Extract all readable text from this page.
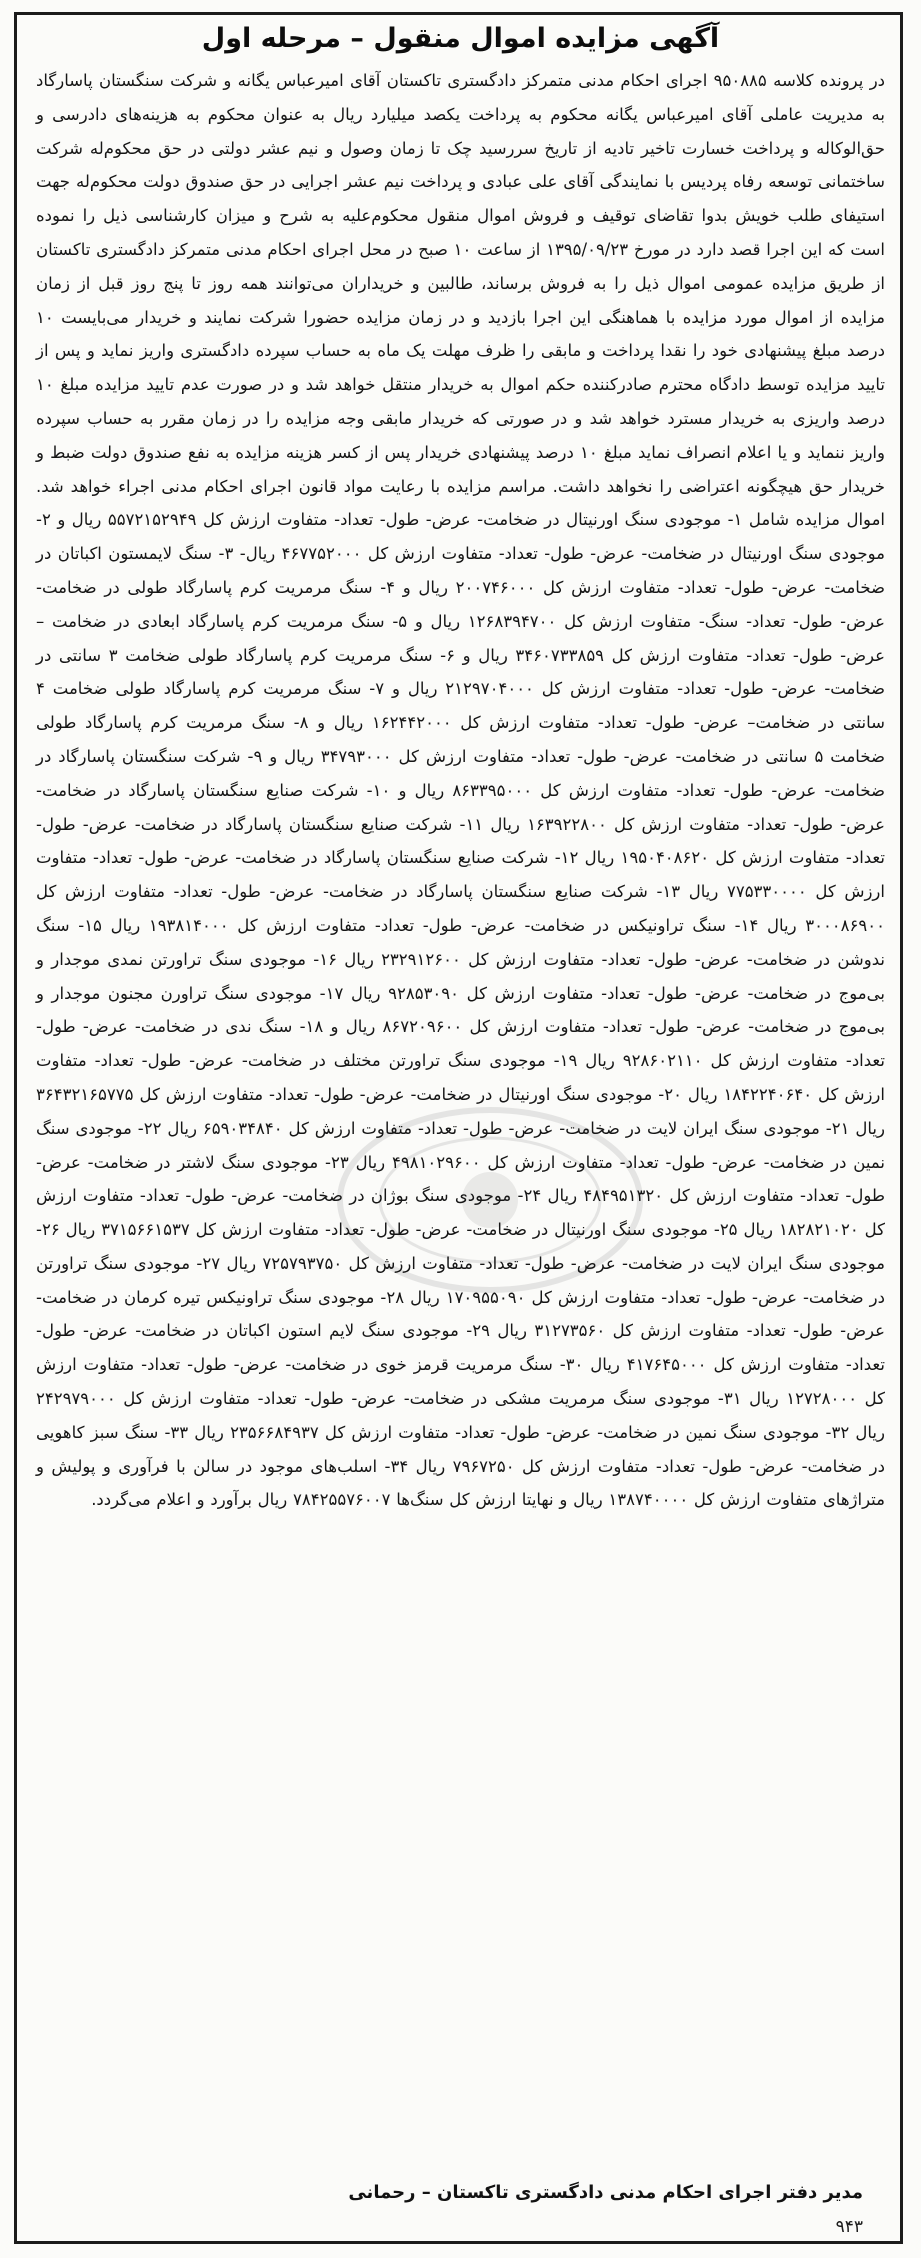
آگهی مزایده اموال منقول – مرحله اول

در پرونده کلاسه ۹۵۰۸۸۵ اجرای احکام مدنی متمرکز دادگستری تاکستان آقای امیرعباس یگانه و شرکت سنگستان پاسارگاد به مدیریت عاملی آقای امیرعباس یگانه محکوم به پرداخت یکصد میلیارد ریال به عنوان محکوم به هزینه‌های دادرسی و حق‌الوکاله و پرداخت خسارت تاخیر تادیه از تاریخ سررسید چک تا زمان وصول و نیم عشر دولتی در حق محکوم‌له شرکت ساختمانی توسعه رفاه پردیس با نمایندگی آقای علی عبادی و پرداخت نیم عشر اجرایی در حق صندوق دولت محکوم‌له جهت استیفای طلب خویش بدوا تقاضای توقیف و فروش اموال منقول محکوم‌علیه به شرح و میزان کارشناسی ذیل را نموده است که این اجرا قصد دارد در مورخ ۱۳۹۵/۰۹/۲۳ از ساعت ۱۰ صبح در محل اجرای احکام مدنی متمرکز دادگستری تاکستان از طریق مزایده عمومی اموال ذیل را به فروش برساند، طالبین و خریداران می‌توانند همه روز تا پنج روز قبل از زمان مزایده از اموال مورد مزایده با هماهنگی این اجرا بازدید و در زمان مزایده حضورا شرکت نمایند و خریدار می‌بایست ۱۰ درصد مبلغ پیشنهادی خود را نقدا پرداخت و مابقی را ظرف مهلت یک ماه به حساب سپرده دادگستری واریز نماید و پس از تایید مزایده توسط دادگاه محترم صادرکننده حکم اموال به خریدار منتقل خواهد شد و در صورت عدم تایید مزایده مبلغ ۱۰ درصد واریزی به خریدار مسترد خواهد شد و در صورتی که خریدار مابقی وجه مزایده را در زمان مقرر به حساب سپرده واریز ننماید و یا اعلام انصراف نماید مبلغ ۱۰ درصد پیشنهادی خریدار پس از کسر هزینه مزایده به نفع صندوق دولت ضبط و خریدار حق هیچگونه اعتراضی را نخواهد داشت. مراسم مزایده با رعایت مواد قانون اجرای احکام مدنی اجراء خواهد شد. اموال مزایده شامل ۱- موجودی سنگ اورنیتال در ضخامت- عرض- طول- تعداد- متفاوت ارزش کل ۵۵۷۲۱۵۲۹۴۹ ریال و ۲- موجودی سنگ اورنیتال در ضخامت- عرض- طول- تعداد- متفاوت ارزش کل ۴۶۷۷۵۲۰۰۰ ریال- ۳- سنگ لایمستون اکباتان در ضخامت- عرض- طول- تعداد- متفاوت ارزش کل ۲۰۰۷۴۶۰۰۰ ریال و ۴- سنگ مرمریت کرم پاسارگاد طولی در ضخامت- عرض- طول- تعداد- سنگ- متفاوت ارزش کل ۱۲۶۸۳۹۴۷۰۰ ریال و ۵- سنگ مرمریت کرم پاسارگاد ابعادی در ضخامت – عرض- طول- تعداد- متفاوت ارزش کل ۳۴۶۰۷۳۳۸۵۹ ریال و ۶- سنگ مرمریت کرم پاسارگاد طولی ضخامت ۳ سانتی در ضخامت- عرض- طول- تعداد- متفاوت ارزش کل ۲۱۲۹۷۰۴۰۰۰ ریال و ۷- سنگ مرمریت کرم پاسارگاد طولی ضخامت ۴ سانتی در ضخامت– عرض- طول- تعداد- متفاوت ارزش کل ۱۶۲۴۴۲۰۰۰ ریال و ۸- سنگ مرمریت کرم پاسارگاد طولی ضخامت ۵ سانتی در ضخامت- عرض- طول- تعداد- متفاوت ارزش کل ۳۴۷۹۳۰۰۰ ریال و ۹- شرکت سنگستان پاسارگاد در ضخامت- عرض- طول- تعداد- متفاوت ارزش کل ۸۶۳۳۹۵۰۰۰ ریال و ۱۰- شرکت صنایع سنگستان پاسارگاد در ضخامت- عرض- طول- تعداد- متفاوت ارزش کل ۱۶۳۹۲۲۸۰۰ ریال ۱۱- شرکت صنایع سنگستان پاسارگاد در ضخامت- عرض- طول- تعداد- متفاوت ارزش کل ۱۹۵۰۴۰۸۶۲۰ ریال ۱۲- شرکت صنایع سنگستان پاسارگاد در ضخامت- عرض- طول- تعداد- متفاوت ارزش کل ۷۷۵۳۳۰۰۰۰ ریال ۱۳- شرکت صنایع سنگستان پاسارگاد در ضخامت- عرض- طول- تعداد- متفاوت ارزش کل ۳۰۰۰۸۶۹۰۰ ریال ۱۴- سنگ تراونیکس در ضخامت- عرض- طول- تعداد- متفاوت ارزش کل ۱۹۳۸۱۴۰۰۰ ریال ۱۵- سنگ ندوشن در ضخامت- عرض- طول- تعداد- متفاوت ارزش کل ۲۳۲۹۱۲۶۰۰ ریال ۱۶- موجودی سنگ تراورتن نمدی موجدار و بی‌موج در ضخامت- عرض- طول- تعداد- متفاوت ارزش کل ۹۲۸۵۳۰۹۰ ریال ۱۷- موجودی سنگ تراورن مجنون موجدار و بی‌موج در ضخامت- عرض- طول- تعداد- متفاوت ارزش کل ۸۶۷۲۰۹۶۰۰ ریال و ۱۸- سنگ ندی در ضخامت- عرض- طول- تعداد- متفاوت ارزش کل ۹۲۸۶۰۲۱۱۰ ریال ۱۹- موجودی سنگ تراورتن مختلف در ضخامت- عرض- طول- تعداد- متفاوت ارزش کل ۱۸۴۲۲۴۰۶۴۰ ریال ۲۰- موجودی سنگ اورنیتال در ضخامت- عرض- طول- تعداد- متفاوت ارزش کل ۳۶۴۳۲۱۶۵۷۷۵ ریال ۲۱- موجودی سنگ ایران لایت در ضخامت- عرض- طول- تعداد- متفاوت ارزش کل ۶۵۹۰۳۴۸۴۰ ریال ۲۲- موجودی سنگ نمین در ضخامت- عرض- طول- تعداد- متفاوت ارزش کل ۴۹۸۱۰۲۹۶۰۰ ریال ۲۳- موجودی سنگ لاشتر در ضخامت- عرض- طول- تعداد- متفاوت ارزش کل ۴۸۴۹۵۱۳۲۰ ریال ۲۴- موجودی سنگ بوژان در ضخامت- عرض- طول- تعداد- متفاوت ارزش کل ۱۸۲۸۲۱۰۲۰ ریال ۲۵- موجودی سنگ اورنیتال در ضخامت- عرض- طول- تعداد- متفاوت ارزش کل ۳۷۱۵۶۶۱۵۳۷ ریال ۲۶- موجودی سنگ ایران لایت در ضخامت- عرض- طول- تعداد- متفاوت ارزش کل ۷۲۵۷۹۳۷۵۰ ریال ۲۷- موجودی سنگ تراورتن در ضخامت- عرض- طول- تعداد- متفاوت ارزش کل ۱۷۰۹۵۵۰۹۰ ریال ۲۸- موجودی سنگ تراونیکس تیره کرمان در ضخامت- عرض- طول- تعداد- متفاوت ارزش کل ۳۱۲۷۳۵۶۰ ریال ۲۹- موجودی سنگ لایم استون اکباتان در ضخامت- عرض- طول- تعداد- متفاوت ارزش کل ۴۱۷۶۴۵۰۰۰ ریال ۳۰- سنگ مرمریت قرمز خوی در ضخامت- عرض- طول- تعداد- متفاوت ارزش کل ۱۲۷۲۸۰۰۰ ریال ۳۱- موجودی سنگ مرمریت مشکی در ضخامت- عرض- طول- تعداد- متفاوت ارزش کل ۲۴۲۹۷۹۰۰۰ ریال ۳۲- موجودی سنگ نمین در ضخامت- عرض- طول- تعداد- متفاوت ارزش کل ۲۳۵۶۶۸۴۹۳۷ ریال ۳۳- سنگ سبز کاهویی در ضخامت- عرض- طول- تعداد- متفاوت ارزش کل ۷۹۶۷۲۵۰ ریال ۳۴- اسلب‌های موجود در سالن با فرآوری و پولیش و متراژهای متفاوت ارزش کل ۱۳۸۷۴۰۰۰۰ ریال و نهایتا ارزش کل سنگ‌ها ۷۸۴۲۵۵۷۶۰۰۷ ریال برآورد و اعلام می‌گردد.

مدیر دفتر اجرای احکام مدنی دادگستری تاکستان – رحمانی
۹۴۳
